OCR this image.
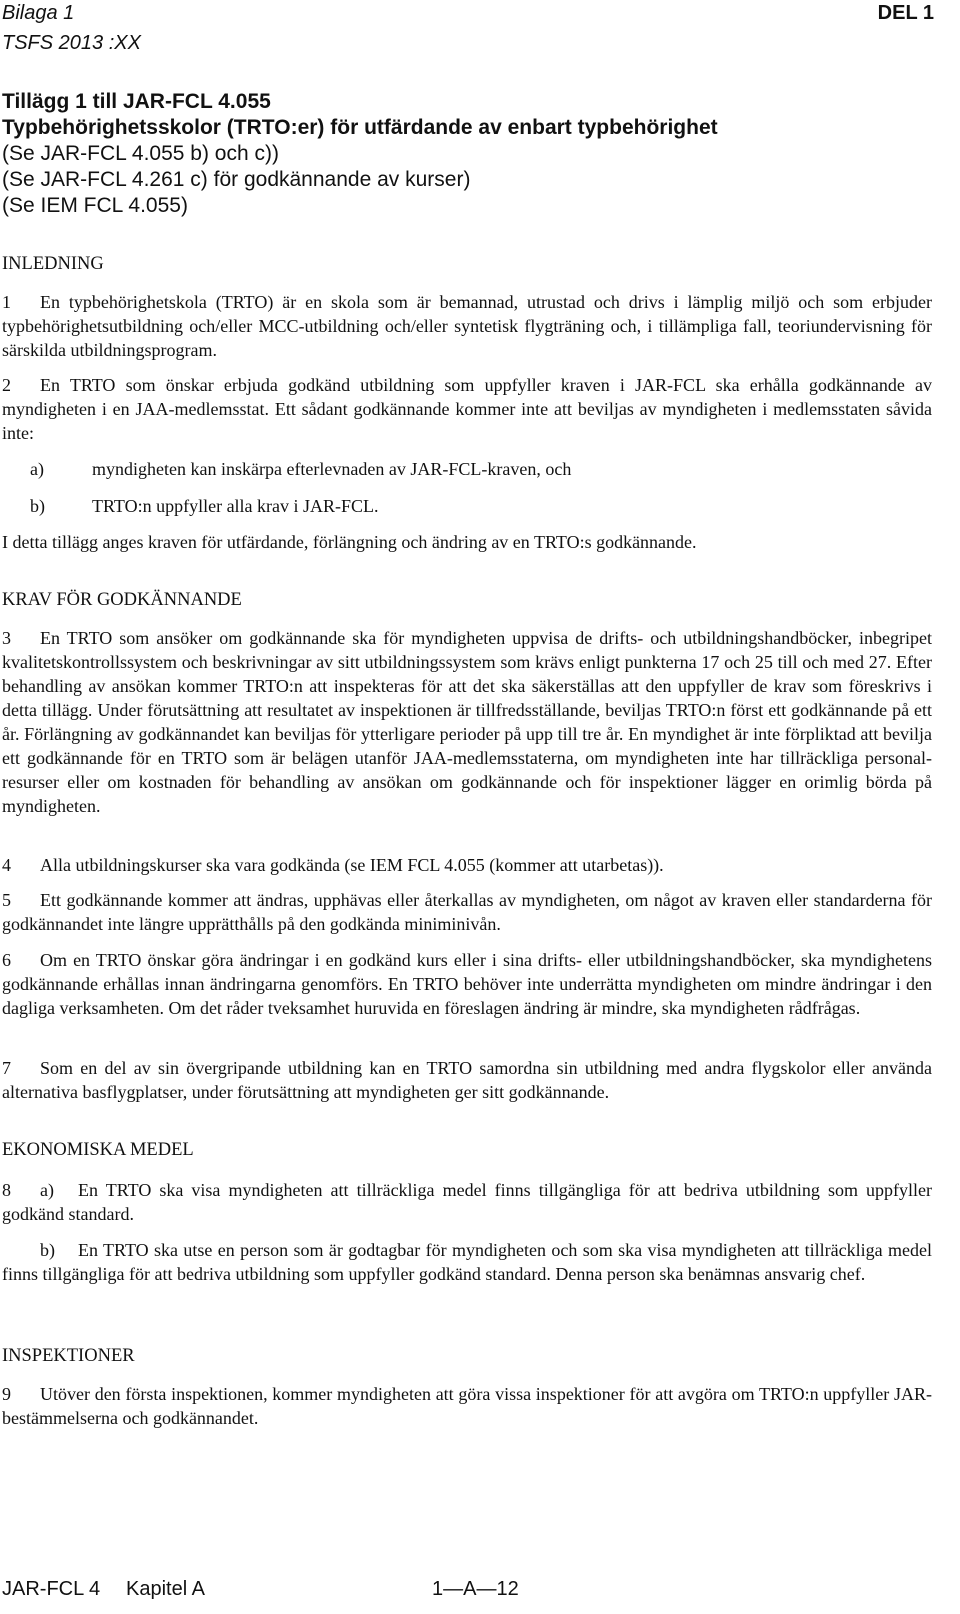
Bilaga 1
TSFS 2013 :XX
DEL 1
Tillägg 1 till JAR-FCL 4.055
Typbehörighetsskolor (TRTO:er) för utfärdande av enbart typbehörighet
(Se JAR-FCL 4.055 b) och c))
(Se JAR-FCL 4.261 c) för godkännande av kurser)
(Se IEM FCL 4.055)
INLEDNING
1 En typbehörighetskola (TRTO) är en skola som är bemannad, utrustad och drivs i lämplig miljö och som erbjuder typbehörighetsutbildning och/eller MCC-utbildning och/eller syntetisk flygträning och, i tillämpliga fall, teoriundervisning för särskilda utbildningsprogram.
2 En TRTO som önskar erbjuda godkänd utbildning som uppfyller kraven i JAR-FCL ska erhålla godkännande av myndigheten i en JAA-medlemsstat. Ett sådant godkännande kommer inte att beviljas av myndigheten i medlemsstaten såvida inte:
a)	myndigheten kan inskärpa efterlevnaden av JAR-FCL-kraven, och
b)	TRTO:n uppfyller alla krav i JAR-FCL.
I detta tillägg anges kraven för utfärdande, förlängning och ändring av en TRTO:s godkännande.
KRAV FÖR GODKÄNNANDE
3 En TRTO som ansöker om godkännande ska för myndigheten uppvisa de drifts- och utbildningshandböcker, inbegripet kvalitetskontrollssystem och beskrivningar av sitt utbildningssystem som krävs enligt punkterna 17 och 25 till och med 27. Efter behandling av ansökan kommer TRTO:n att inspekteras för att det ska säkerställas att den uppfyller de krav som föreskrivs i detta tillägg. Under förutsättning att resultatet av inspektionen är tillfredsställande, beviljas TRTO:n först ett godkännande på ett år. Förlängning av godkännandet kan beviljas för ytterligare perioder på upp till tre år. En myndighet är inte förpliktad att bevilja ett godkännande för en TRTO som är belägen utanför JAA-medlemsstaterna, om myndigheten inte har tillräckliga personalresurser eller om kostnaden för behandling av ansökan om godkännande och för inspektioner lägger en orimlig börda på myndigheten.
4 Alla utbildningskurser ska vara godkända (se IEM FCL 4.055 (kommer att utarbetas)).
5 Ett godkännande kommer att ändras, upphävas eller återkallas av myndigheten, om något av kraven eller standarderna för godkännandet inte längre upprätthålls på den godkända miniminivån.
6 Om en TRTO önskar göra ändringar i en godkänd kurs eller i sina drifts- eller utbildningshandböcker, ska myndighetens godkännande erhållas innan ändringarna genomförs. En TRTO behöver inte underrätta myndigheten om mindre ändringar i den dagliga verksamheten. Om det råder tveksamhet huruvida en föreslagen ändring är mindre, ska myndigheten rådfrågas.
7 Som en del av sin övergripande utbildning kan en TRTO samordna sin utbildning med andra flygskolor eller använda alternativa basflygplatser, under förutsättning att myndigheten ger sitt godkännande.
EKONOMISKA MEDEL
8 a) En TRTO ska visa myndigheten att tillräckliga medel finns tillgängliga för att bedriva utbildning som uppfyller godkänd standard.
b) En TRTO ska utse en person som är godtagbar för myndigheten och som ska visa myndigheten att tillräckliga medel finns tillgängliga för att bedriva utbildning som uppfyller godkänd standard. Denna person ska benämnas ansvarig chef.
INSPEKTIONER
9 Utöver den första inspektionen, kommer myndigheten att göra vissa inspektioner för att avgöra om TRTO:n uppfyller JAR-bestämmelserna och godkännandet.
JAR-FCL 4 Kapitel A	1—A—12
